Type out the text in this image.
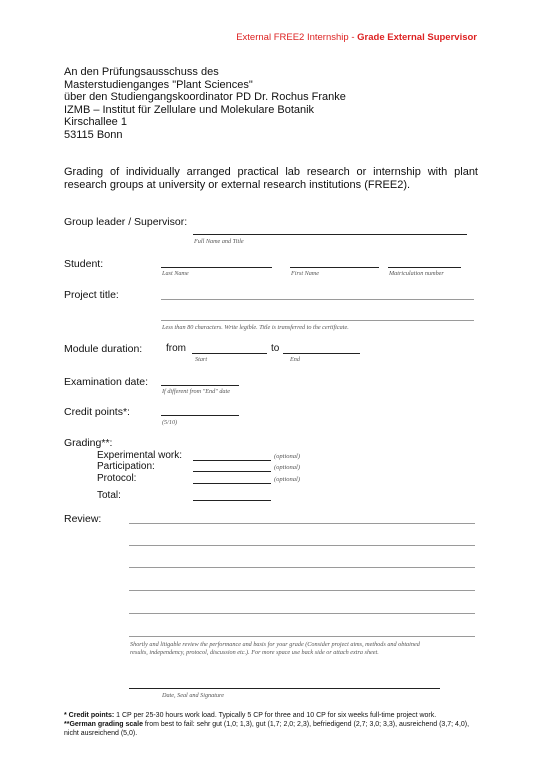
External FREE2 Internship - Grade External Supervisor
An den Prüfungsausschuss des
Masterstudienganges "Plant Sciences"
über den Studiengangskoordinator PD Dr. Rochus Franke
IZMB – Institut für Zellulare und Molekulare Botanik
Kirschallee 1
53115 Bonn
Grading of individually arranged practical lab research or internship with plant research groups at university or external research institutions (FREE2).
Group leader / Supervisor:
Full Name and Title
Student:
Last Name	First Name	Matriculation number
Project title:
Less than 80 characters. Write legible. Title is transferred to the certificate.
Module duration: from	to
Start	End
Examination date:
If different from "End" date
Credit points*:
(5/10)
Grading**:
Experimental work:	(optional)
Participation:	(optional)
Protocol:	(optional)
Total:
Review:
Shortly and litigable review the performance and basis for your grade (Consider project aims, methods and obtained
results, independency, protocol, discussion etc.). For more space use back side or attach extra sheet.
Date, Seal and Signature
* Credit points: 1 CP per 25-30 hours work load. Typically 5 CP for three and 10 CP for six weeks full-time project work.
**German grading scale from best to fail: sehr gut (1,0; 1,3), gut (1,7; 2,0; 2,3), befriedigend (2,7; 3,0; 3,3), ausreichend (3,7; 4,0), nicht ausreichend (5,0).
